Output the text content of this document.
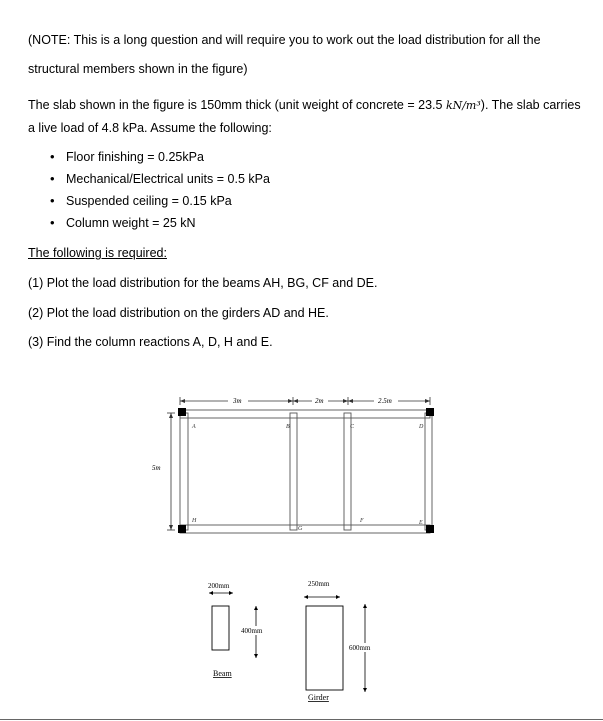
(NOTE: This is a long question and will require you to work out the load distribution for all the
structural members shown in the figure)
The slab shown in the figure is 150mm thick (unit weight of concrete = 23.5 kN/m³). The slab carries
a live load of 4.8 kPa. Assume the following:
• Floor finishing = 0.25kPa
• Mechanical/Electrical units = 0.5 kPa
• Suspended ceiling = 0.15 kPa
• Column weight = 25 kN
The following is required:
(1) Plot the load distribution for the beams AH, BG, CF and DE.
(2) Plot the load distribution on the girders AD and HE.
(3) Find the column reactions A, D, H and E.
3m	2m	2.5m
5m
A	B	C	D
H
G
F	E
200mm
400mm
Beam
250mm
600mm
Girder
